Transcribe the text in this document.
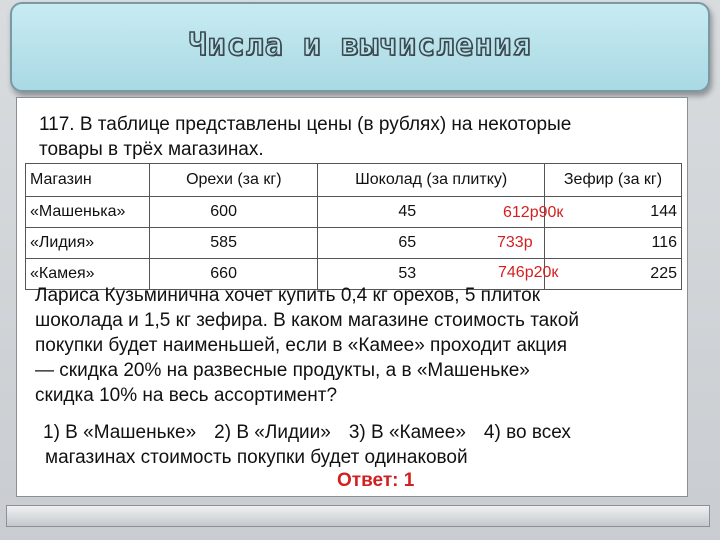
Числа и вычисления
117. В таблице представлены цены (в рублях) на некоторые
товары в трёх магазинах.
Магазин	Орехи (за кг)	Шоколад (за плитку)	Зефир (за кг)
«Машенька»	600	45	144
«Лидия»	585	65	116
«Камея»	660	53	225
612р90к
733р
746р20к
Лариса Кузьминична хочет купить 0,4 кг орехов, 5 плиток
шоколада и 1,5 кг зефира. В каком магазине стоимость такой
покупки будет наименьшей, если в «Камее» проходит акция
— скидка 20% на развесные продукты, а в «Машеньке»
скидка 10% на весь ассортимент?
1) В «Машеньке» 2) В «Лидии» 3) В «Камее» 4) во всех
магазинах стоимость покупки будет одинаковой
Ответ: 1
